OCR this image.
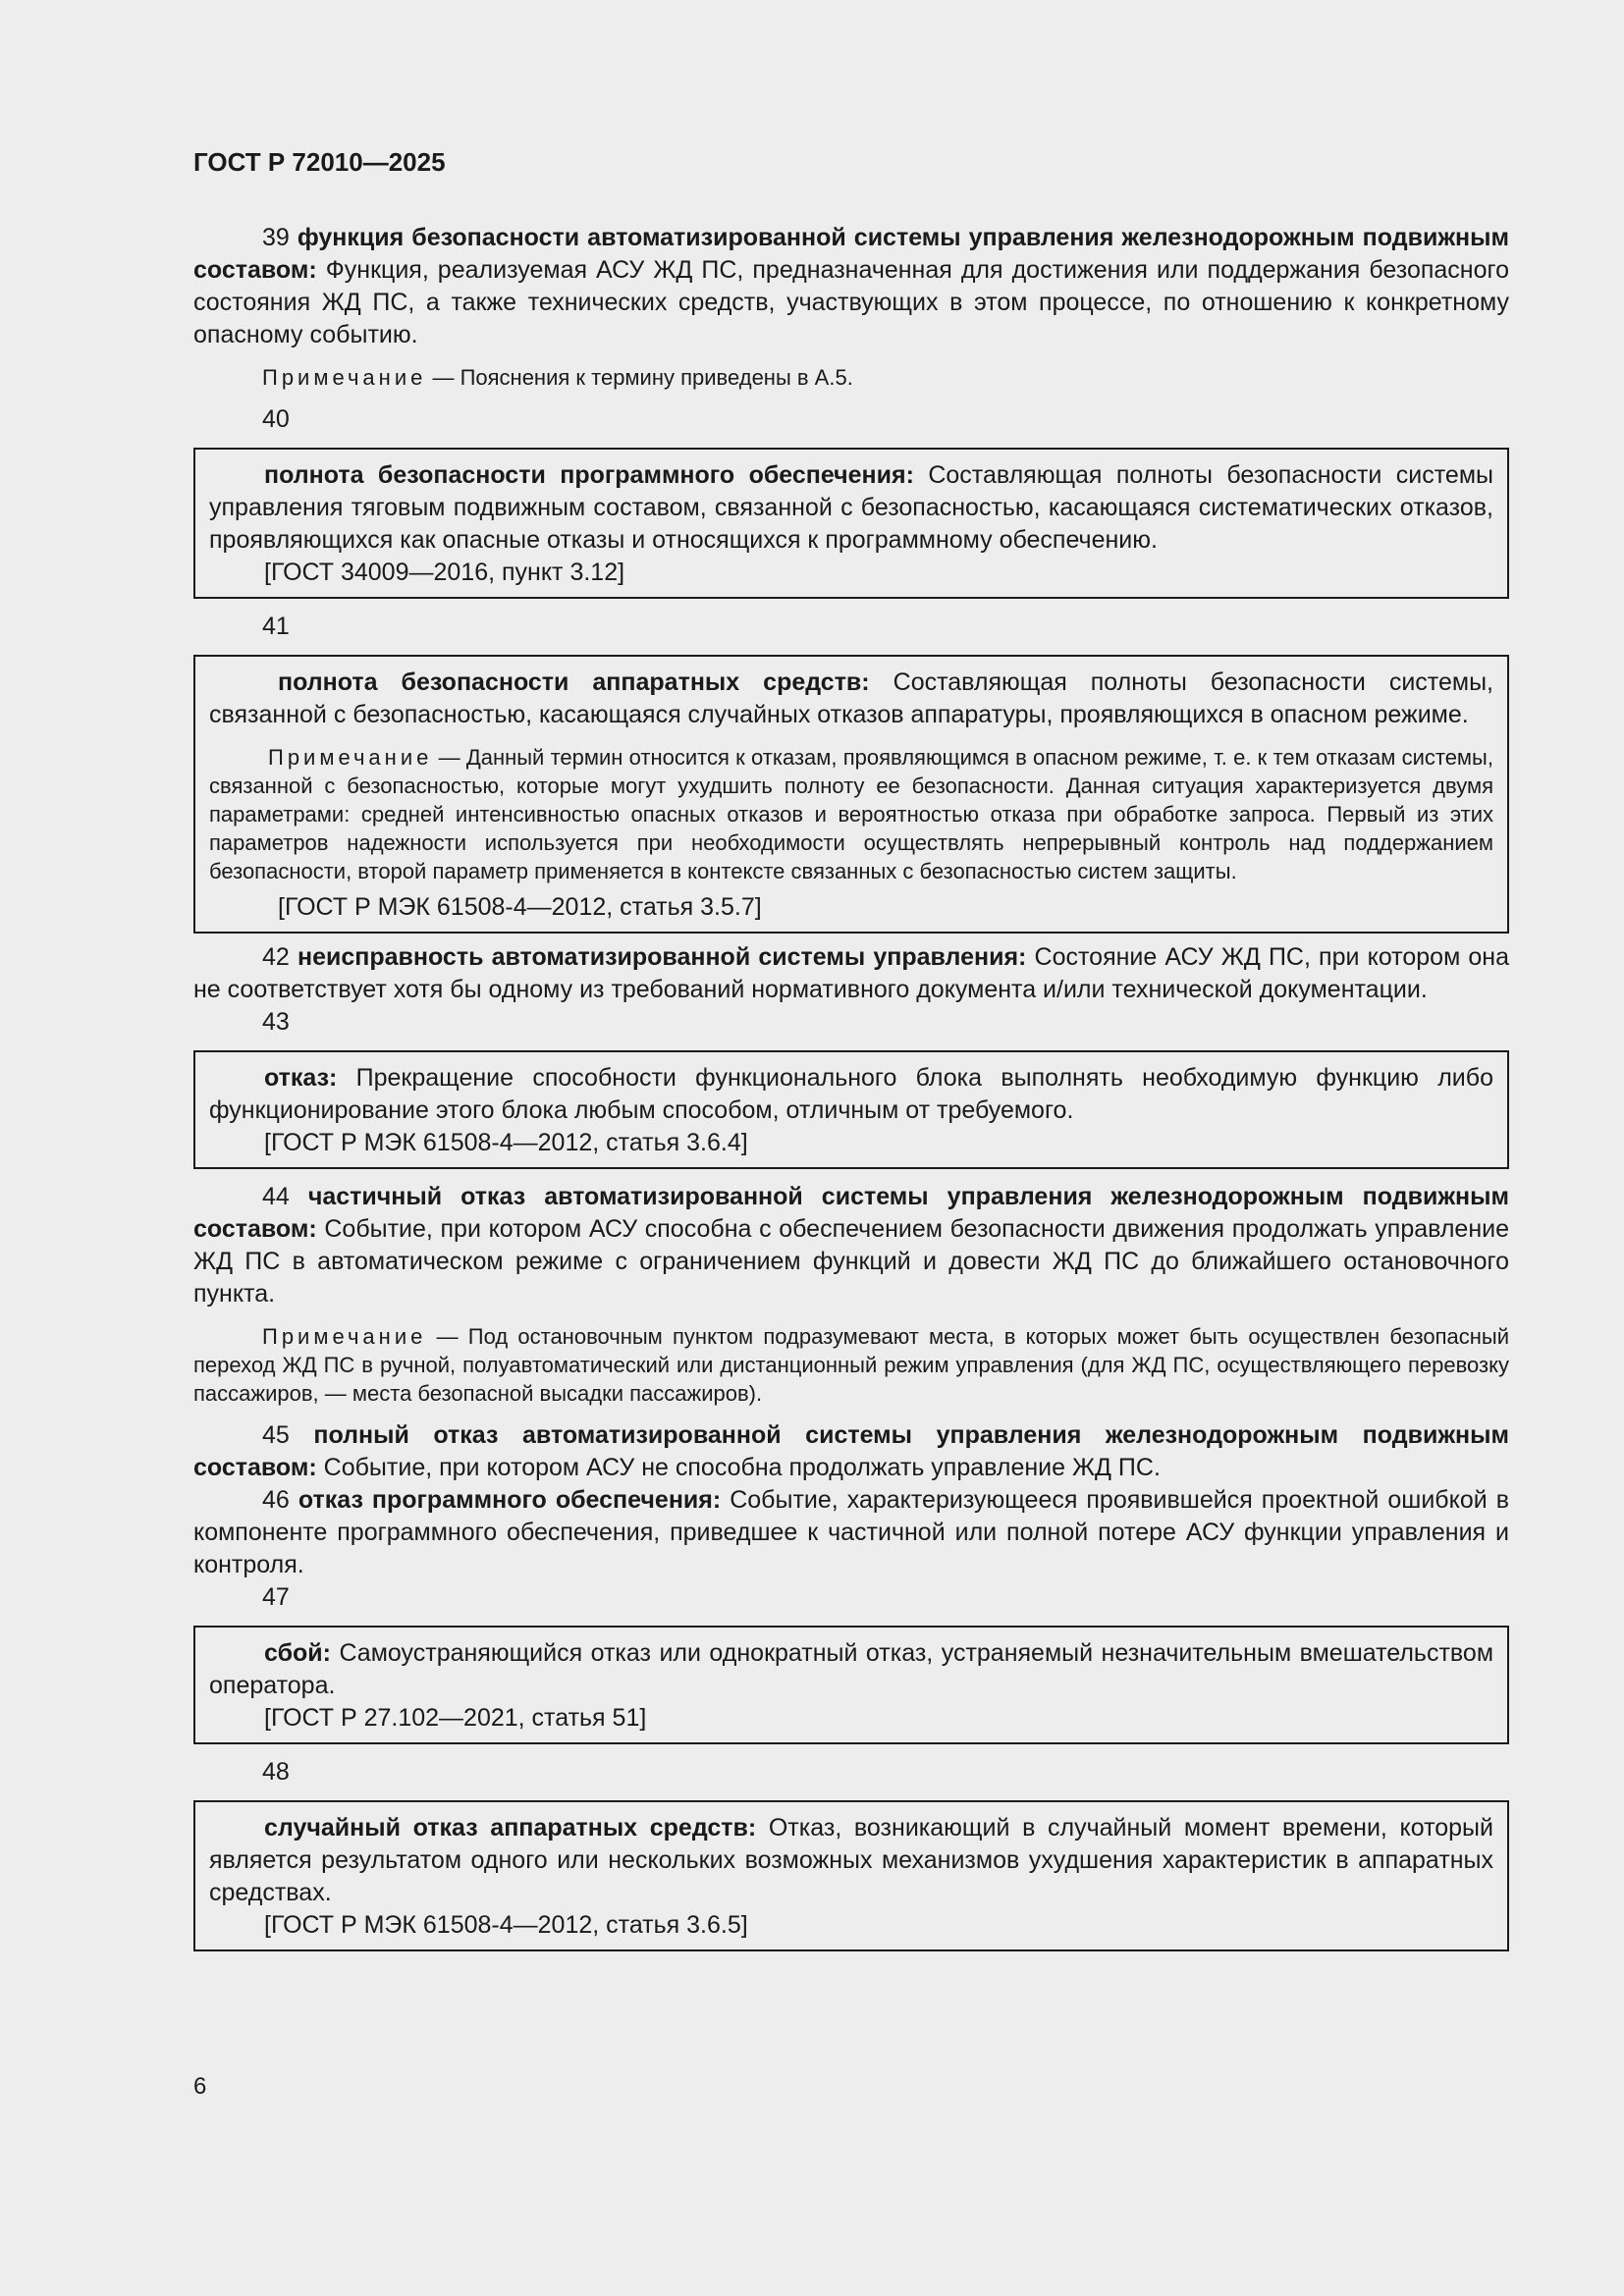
ГОСТ Р 72010—2025

39 функция безопасности автоматизированной системы управления железнодорожным подвижным составом: Функция, реализуемая АСУ ЖД ПС, предназначенная для достижения или поддержания безопасного состояния ЖД ПС, а также технических средств, участвующих в этом процессе, по отношению к конкретному опасному событию.

Примечание — Пояснения к термину приведены в А.5.

40

полнота безопасности программного обеспечения: Составляющая полноты безопасности системы управления тяговым подвижным составом, связанной с безопасностью, касающаяся систематических отказов, проявляющихся как опасные отказы и относящихся к программному обеспечению.

[ГОСТ 34009—2016, пункт 3.12]

41

полнота безопасности аппаратных средств: Составляющая полноты безопасности системы, связанной с безопасностью, касающаяся случайных отказов аппаратуры, проявляющихся в опасном режиме.

Примечание — Данный термин относится к отказам, проявляющимся в опасном режиме, т. е. к тем отказам системы, связанной с безопасностью, которые могут ухудшить полноту ее безопасности. Данная ситуация характеризуется двумя параметрами: средней интенсивностью опасных отказов и вероятностью отказа при обработке запроса. Первый из этих параметров надежности используется при необходимости осуществлять непрерывный контроль над поддержанием безопасности, второй параметр применяется в контексте связанных с безопасностью систем защиты.

[ГОСТ Р МЭК 61508-4—2012, статья 3.5.7]

42 неисправность автоматизированной системы управления: Состояние АСУ ЖД ПС, при котором она не соответствует хотя бы одному из требований нормативного документа и/или технической документации.

43

отказ: Прекращение способности функционального блока выполнять необходимую функцию либо функционирование этого блока любым способом, отличным от требуемого.

[ГОСТ Р МЭК 61508-4—2012, статья 3.6.4]

44 частичный отказ автоматизированной системы управления железнодорожным подвижным составом: Событие, при котором АСУ способна с обеспечением безопасности движения продолжать управление ЖД ПС в автоматическом режиме с ограничением функций и довести ЖД ПС до ближайшего остановочного пункта.

Примечание — Под остановочным пунктом подразумевают места, в которых может быть осуществлен безопасный переход ЖД ПС в ручной, полуавтоматический или дистанционный режим управления (для ЖД ПС, осуществляющего перевозку пассажиров, — места безопасной высадки пассажиров).

45 полный отказ автоматизированной системы управления железнодорожным подвижным составом: Событие, при котором АСУ не способна продолжать управление ЖД ПС.

46 отказ программного обеспечения: Событие, характеризующееся проявившейся проектной ошибкой в компоненте программного обеспечения, приведшее к частичной или полной потере АСУ функции управления и контроля.

47

сбой: Самоустраняющийся отказ или однократный отказ, устраняемый незначительным вмешательством оператора.

[ГОСТ Р 27.102—2021, статья 51]

48

случайный отказ аппаратных средств: Отказ, возникающий в случайный момент времени, который является результатом одного или нескольких возможных механизмов ухудшения характеристик в аппаратных средствах.

[ГОСТ Р МЭК 61508-4—2012, статья 3.6.5]

6
